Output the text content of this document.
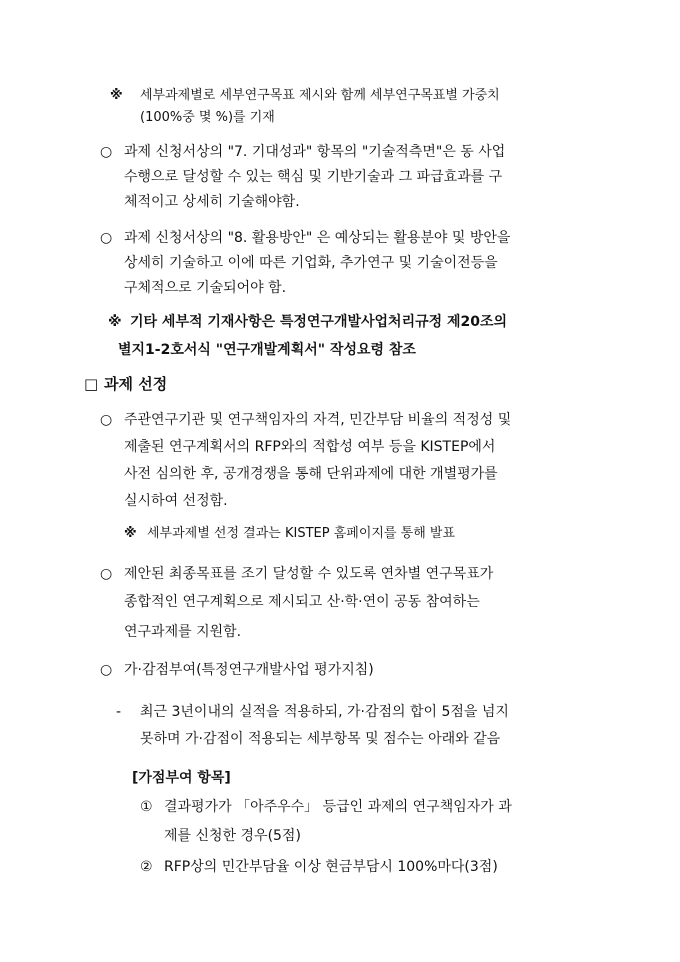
※ 세부과제별로 세부연구목표 제시와 함께 세부연구목표별 가중치
(100%중 몇 %)를 기재
○ 과제 신청서상의 "7. 기대성과" 항목의 "기술적측면"은 동 사업
수행으로 달성할 수 있는 핵심 및 기반기술과 그 파급효과를 구
체적이고 상세히 기술해야함.
○ 과제 신청서상의 "8. 활용방안" 은 예상되는 활용분야 및 방안을
상세히 기술하고 이에 따른 기업화, 추가연구 및 기술이전등을
구체적으로 기술되어야 함.
※ 기타 세부적 기재사항은 특정연구개발사업처리규정 제20조의
별지1-2호서식 "연구개발계획서" 작성요령 참조
□ 과제 선정
○ 주관연구기관 및 연구책임자의 자격, 민간부담 비율의 적정성 및
제출된 연구계획서의 RFP와의 적합성 여부 등을 KISTEP에서
사전 심의한 후, 공개경쟁을 통해 단위과제에 대한 개별평가를
실시하여 선정함.
※ 세부과제별 선정 결과는 KISTEP 홈페이지를 통해 발표
○ 제안된 최종목표를 조기 달성할 수 있도록 연차별 연구목표가
종합적인 연구계획으로 제시되고 산·학·연이 공동 참여하는
연구과제를 지원함.
○ 가·감점부여(특정연구개발사업 평가지침)
- 최근 3년이내의 실적을 적용하되, 가·감점의 합이 5점을 넘지
못하며 가·감점이 적용되는 세부항목 및 점수는 아래와 같음
[가점부여 항목]
① 결과평가가 「아주우수」 등급인 과제의 연구책임자가 과
제를 신청한 경우(5점)
② RFP상의 민간부담율 이상 현금부담시 100%마다(3점)
